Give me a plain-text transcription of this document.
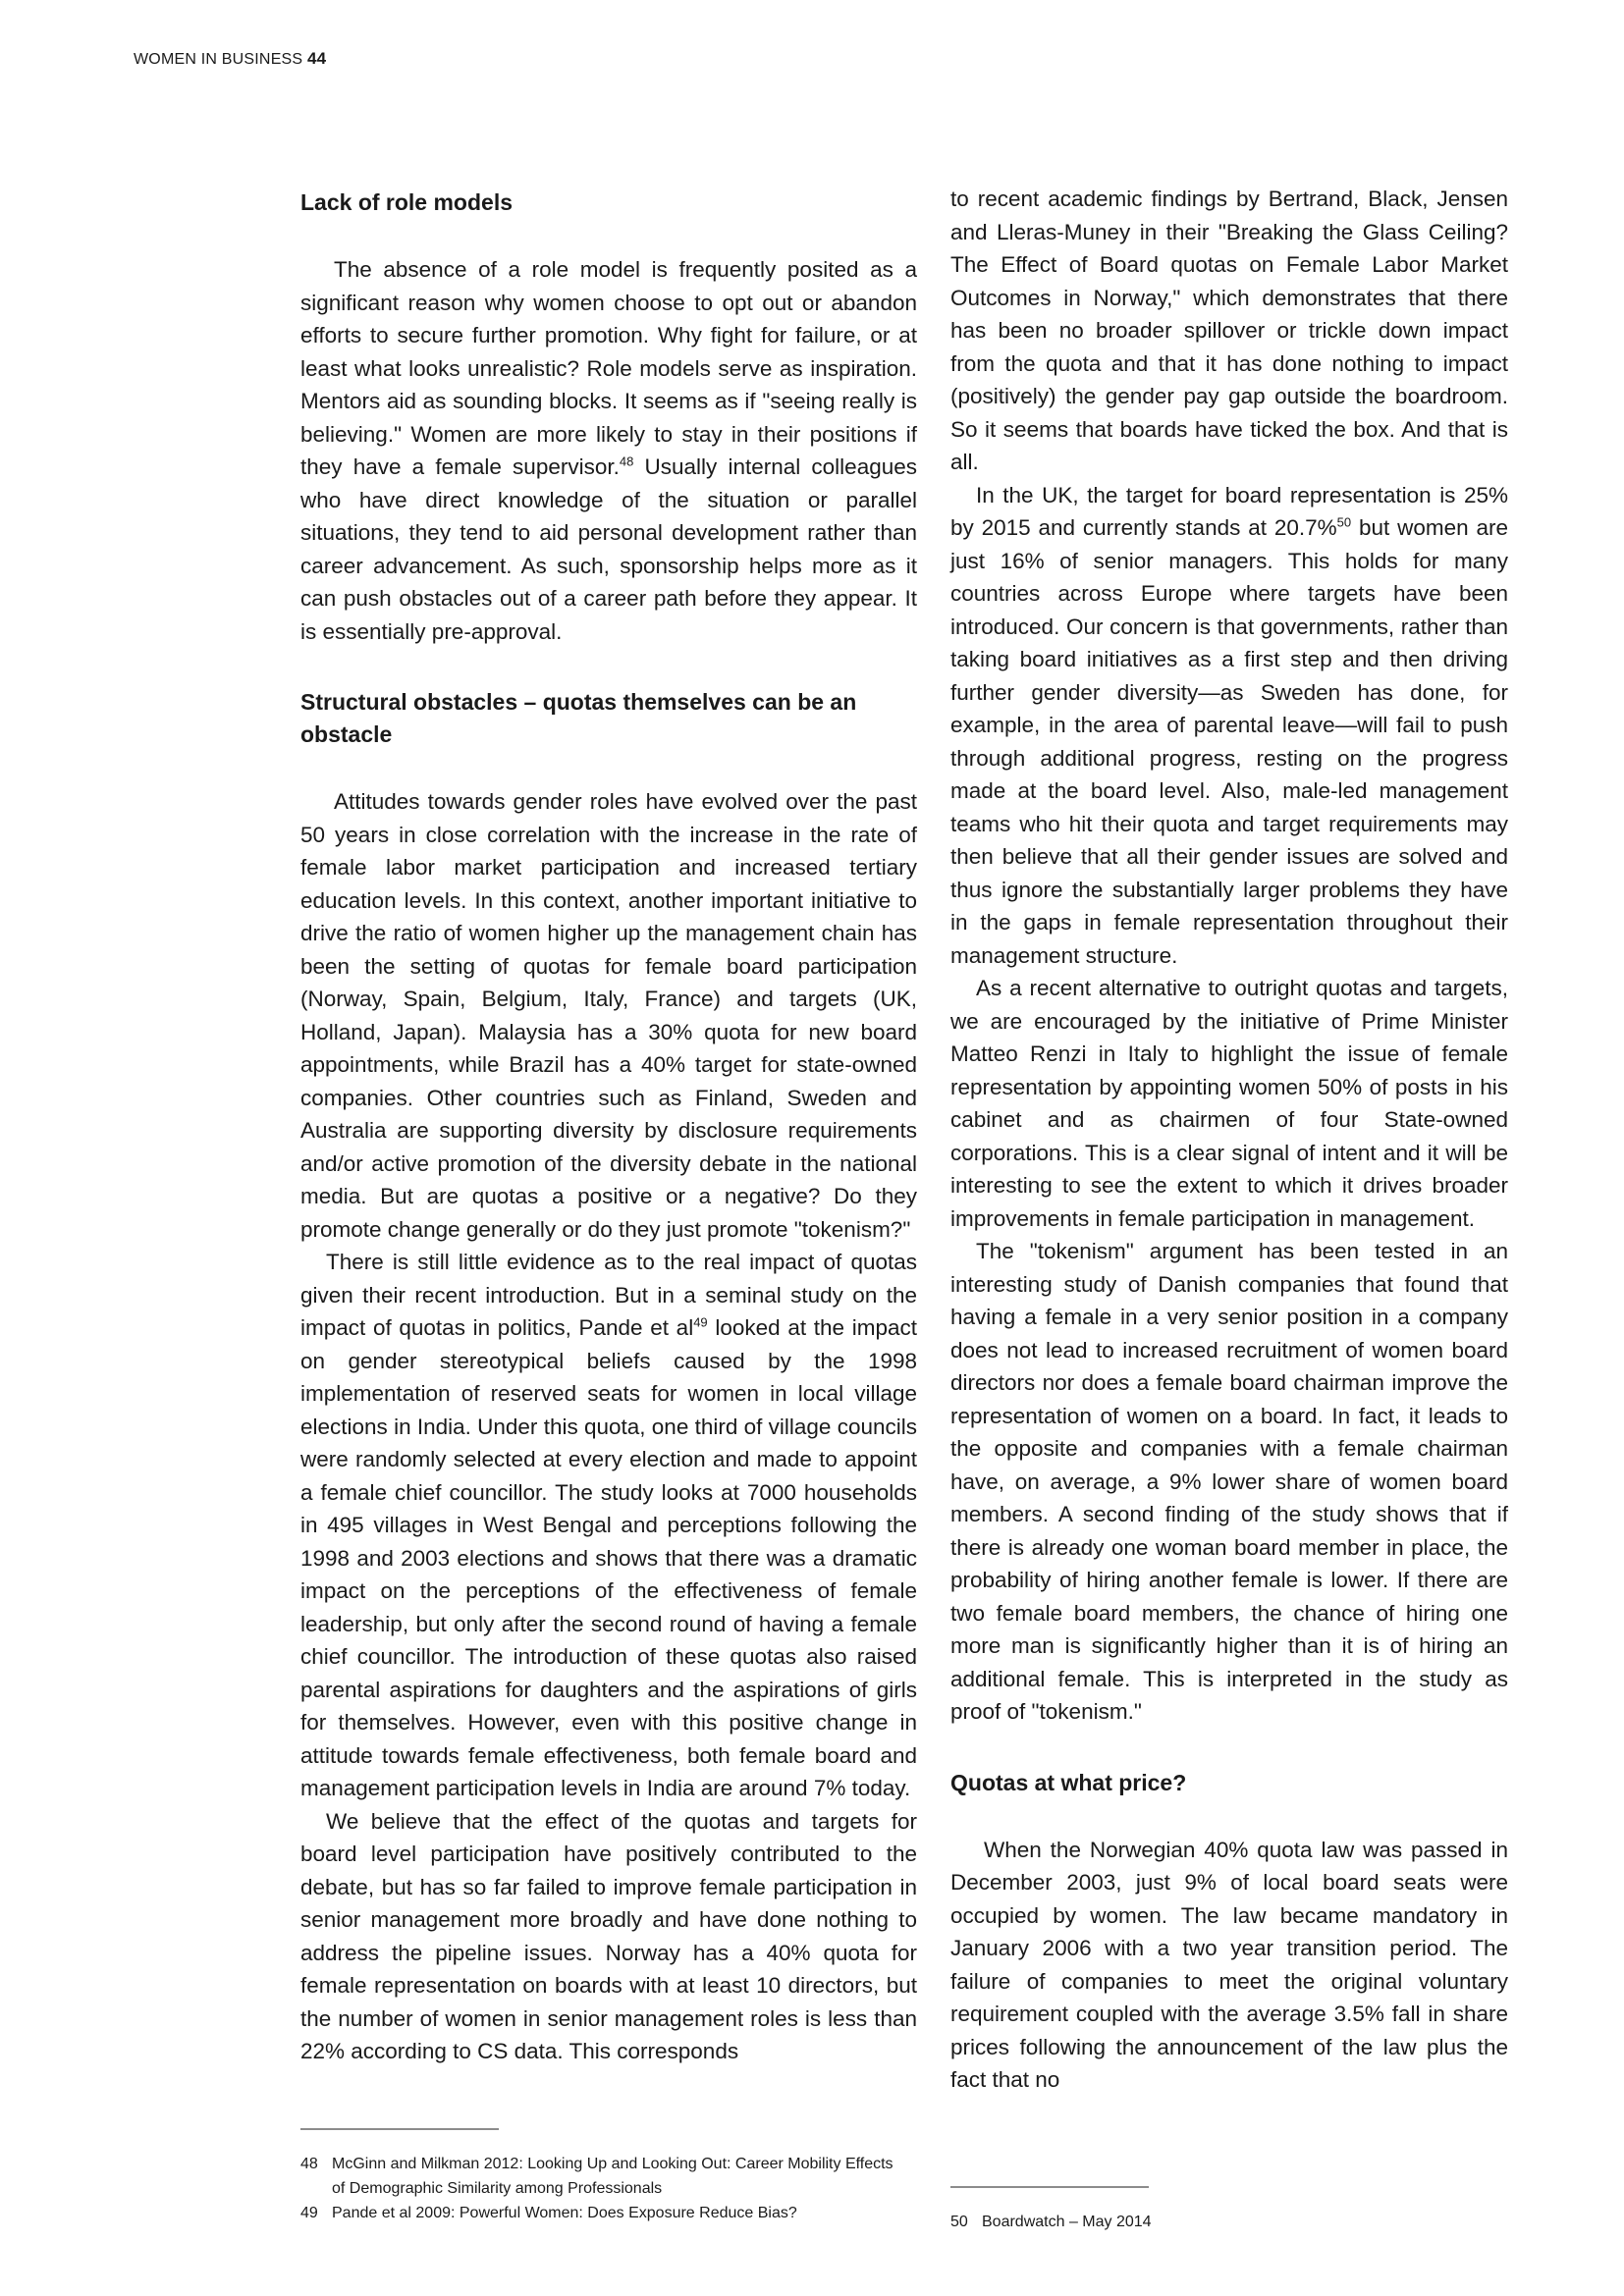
WOMEN IN BUSINESS 44
Lack of role models

The absence of a role model is frequently posited as a significant reason why women choose to opt out or abandon efforts to secure further promotion. Why fight for failure, or at least what looks unrealistic? Role models serve as inspiration. Mentors aid as sounding blocks. It seems as if "seeing really is believing." Women are more likely to stay in their positions if they have a female supervisor.$^{48}$ Usually internal colleagues who have direct knowledge of the situation or parallel situations, they tend to aid personal development rather than career advancement. As such, sponsorship helps more as it can push obstacles out of a career path before they appear. It is essentially pre-approval.

Structural obstacles – quotas themselves can be an obstacle

Attitudes towards gender roles have evolved over the past 50 years in close correlation with the increase in the rate of female labor market participation and increased tertiary education levels. In this context, another important initiative to drive the ratio of women higher up the management chain has been the setting of quotas for female board participation (Norway, Spain, Belgium, Italy, France) and targets (UK, Holland, Japan). Malaysia has a 30% quota for new board appointments, while Brazil has a 40% target for state-owned companies. Other countries such as Finland, Sweden and Australia are supporting diversity by disclosure requirements and/or active promotion of the diversity debate in the national media. But are quotas a positive or a negative? Do they promote change generally or do they just promote "tokenism?"

There is still little evidence as to the real impact of quotas given their recent introduction. But in a seminal study on the impact of quotas in politics, Pande et $al^{49}$ looked at the impact on gender stereotypical beliefs caused by the 1998 implementation of reserved seats for women in local village elections in India. Under this quota, one third of village councils were randomly selected at every election and made to appoint a female chief councillor. The study looks at 7000 households in 495 villages in West Bengal and perceptions following the 1998 and 2003 elections and shows that there was a dramatic impact on the perceptions of the effectiveness of female leadership, but only after the second round of having a female chief councillor. The introduction of these quotas also raised parental aspirations for daughters and the aspirations of girls for themselves. However, even with this positive change in attitude towards female effectiveness, both female board and management participation levels in India are around 7% today.

We believe that the effect of the quotas and targets for board level participation have positively contributed to the debate, but has so far failed to improve female participation in senior management more broadly and have done nothing to address the pipeline issues. Norway has a 40% quota for female representation on boards with at least 10 directors, but the number of women in senior management roles is less than 22% according to CS data. This corresponds

to recent academic findings by Bertrand, Black, Jensen and Lleras-Muney in their "Breaking the Glass Ceiling? The Effect of Board quotas on Female Labor Market Outcomes in Norway," which demonstrates that there has been no broader spillover or trickle down impact from the quota and that it has done nothing to impact (positively) the gender pay gap outside the boardroom. So it seems that boards have ticked the box. And that is all.

In the UK, the target for board representation is 25% by 2015 and currently stands at 20.7%$^{50}$ but women are just 16% of senior managers. This holds for many countries across Europe where targets have been introduced. Our concern is that governments, rather than taking board initiatives as a first step and then driving further gender diversity—as Sweden has done, for example, in the area of parental leave—will fail to push through additional progress, resting on the progress made at the board level. Also, male-led management teams who hit their quota and target requirements may then believe that all their gender issues are solved and thus ignore the substantially larger problems they have in the gaps in female representation throughout their management structure.

As a recent alternative to outright quotas and targets, we are encouraged by the initiative of Prime Minister Matteo Renzi in Italy to highlight the issue of female representation by appointing women 50% of posts in his cabinet and as chairmen of four State-owned corporations. This is a clear signal of intent and it will be interesting to see the extent to which it drives broader improvements in female participation in management.

The "tokenism" argument has been tested in an interesting study of Danish companies that found that having a female in a very senior position in a company does not lead to increased recruitment of women board directors nor does a female board chairman improve the representation of women on a board. In fact, it leads to the opposite and companies with a female chairman have, on average, a 9% lower share of women board members. A second finding of the study shows that if there is already one woman board member in place, the probability of hiring another female is lower. If there are two female board members, the chance of hiring one more man is significantly higher than it is of hiring an additional female. This is interpreted in the study as proof of "tokenism."

Quotas at what price?

When the Norwegian 40% quota law was passed in December 2003, just 9% of local board seats were occupied by women. The law became mandatory in January 2006 with a two year transition period. The failure of companies to meet the original voluntary requirement coupled with the average 3.5% fall in share prices following the announcement of the law plus the fact that no

48 McGinn and Milkman 2012: Looking Up and Looking Out: Career Mobility Effects of Demographic Similarity among Professionals
49 Pande et al 2009: Powerful Women: Does Exposure Reduce Bias?
50 Boardwatch – May 2014
